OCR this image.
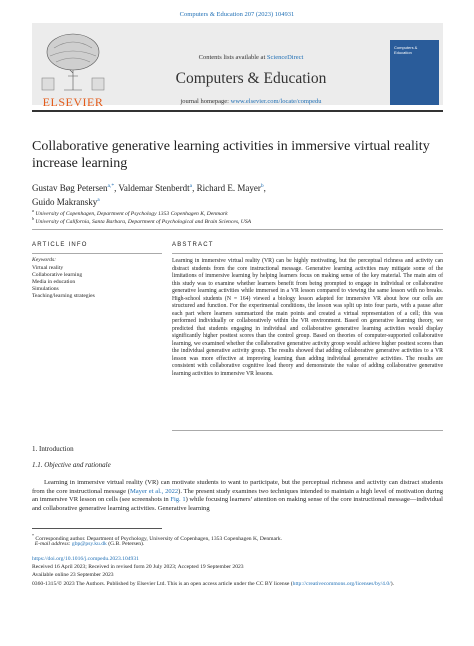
Computers & Education 207 (2023) 104931
ELSEVIER
Contents lists available at ScienceDirect
Computers & Education
journal homepage: www.elsevier.com/locate/compedu
Computers & Education
Collaborative generative learning activities in immersive virtual reality increase learning
Gustav Bøg Petersen$^{a,*}$, Valdemar Stenberdt$^a$, Richard E. Mayer$^b$,
Guido Makransky$^a$
$^a$ University of Copenhagen, Department of Psychology 1353 Copenhagen K, Denmark
$^b$ University of California, Santa Barbara, Department of Psychological and Brain Sciences, USA
ARTICLE INFO	ABSTRACT
Keywords:
Virtual reality
Collaborative learning
Media in education
Simulations
Teaching/learning strategies
Learning in immersive virtual reality (VR) can be highly motivating, but the perceptual richness and activity can distract students from the core instructional message. Generative learning activities may mitigate some of the limitations of immersive learning by helping learners focus on making sense of the key material. The main aim of this study was to examine whether learners benefit from being prompted to engage in individual or collaborative generative learning activities while immersed in a VR lesson compared to viewing the same lesson with no breaks. High-school students (N = 164) viewed a biology lesson adapted for immersive VR about how our cells are structured and function. For the experimental conditions, the lesson was split up into four parts, with a pause after each part where learners summarized the main points and created a virtual representation of a cell; this was performed individually or collaboratively within the VR environment. Based on generative learning theory, we predicted that students engaging in individual and collaborative generative learning activities would display significantly higher posttest scores than the control group. Based on theories of computer-supported collaborative learning, we examined whether the collaborative generative activity group would achieve higher posttest scores than the individual generative activity group. The results showed that adding collaborative generative activities to a VR lesson was more effective at improving learning than adding individual generative activities. The results are consistent with collaborative cognitive load theory and demonstrate the value of adding collaborative generative learning activities to immersive VR lessons.
1. Introduction
1.1. Objective and rationale
Learning in immersive virtual reality (VR) can motivate students to want to participate, but the perceptual richness and activity can distract students from the core instructional message (Mayer et al., 2022). The present study examines two techniques intended to maintain a high level of motivation during an immersive VR lesson on cells (see screenshots in Fig. 1) while focusing learners’ attention on making sense of the core instructional message—individual and collaborative generative learning activities. Generative learning
* Corresponding author. Department of Psychology, University of Copenhagen, 1353 Copenhagen K, Denmark.
E-mail address: gbp@psy.ku.dk (G.B. Petersen).
https://doi.org/10.1016/j.compedu.2023.104931
Received 16 April 2023; Received in revised form 20 July 2023; Accepted 19 September 2023
Available online 23 September 2023
0360-1315/© 2023 The Authors. Published by Elsevier Ltd. This is an open access article under the CC BY license (http://creativecommons.org/licenses/by/4.0/).
